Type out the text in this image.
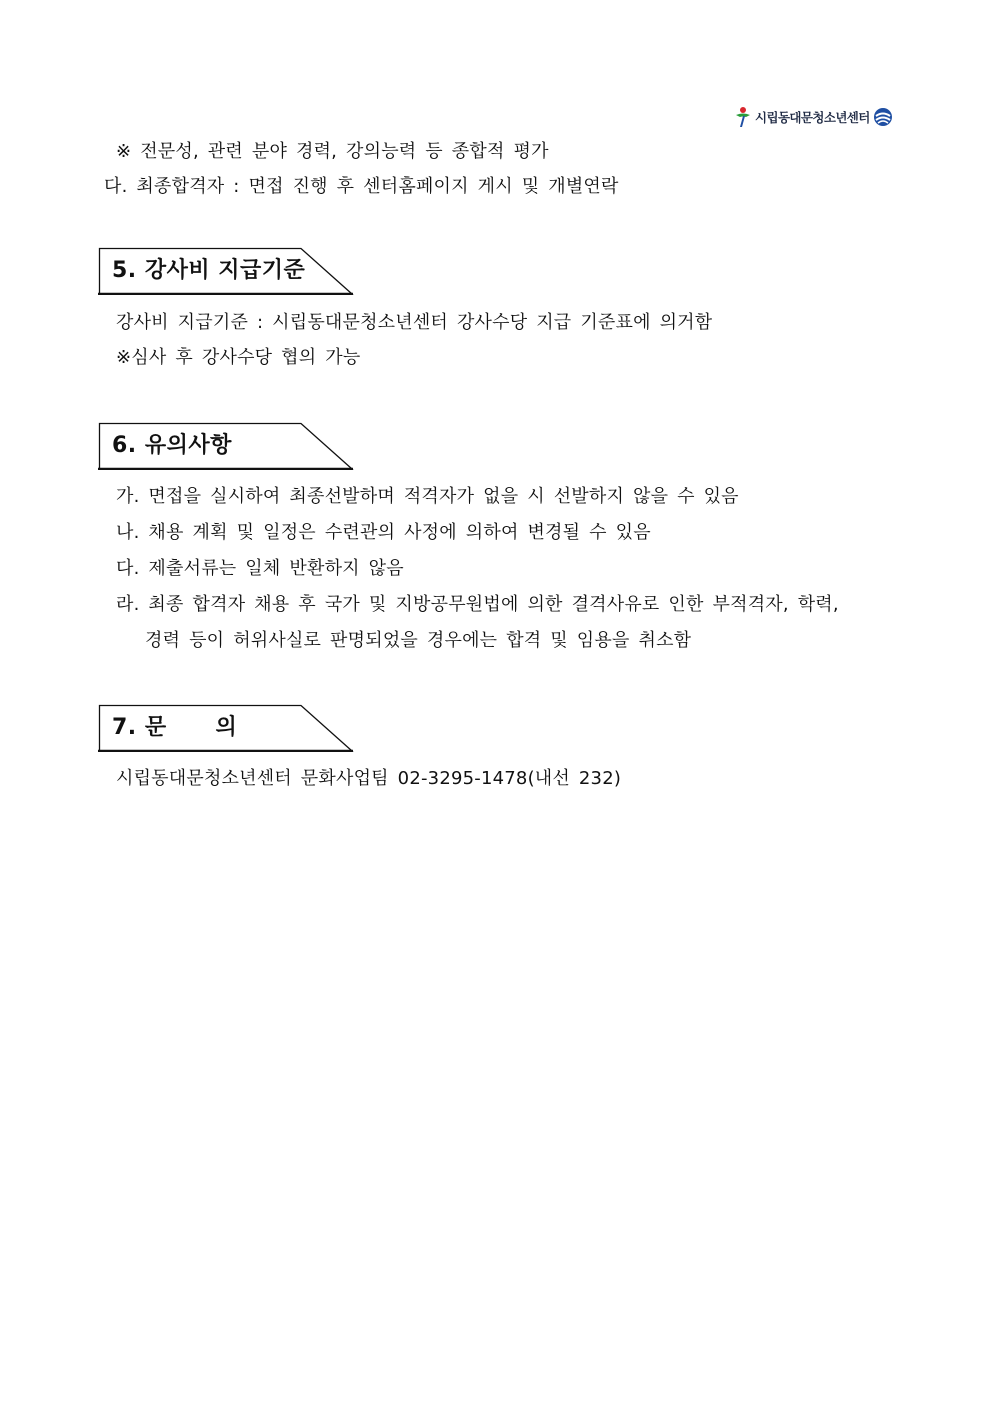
시립동대문청소년센터
※ 전문성, 관련 분야 경력, 강의능력 등 종합적 평가
다. 최종합격자 : 면접 진행 후 센터홈페이지 게시 및 개별연락
5. 강사비 지급기준
강사비 지급기준 : 시립동대문청소년센터 강사수당 지급 기준표에 의거함
※심사 후 강사수당 협의 가능
6. 유의사항
가. 면접을 실시하여 최종선발하며 적격자가 없을 시 선발하지 않을 수 있음
나. 채용 계획 및 일정은 수련관의 사정에 의하여 변경될 수 있음
다. 제출서류는 일체 반환하지 않음
라. 최종 합격자 채용 후 국가 및 지방공무원법에 의한 결격사유로 인한 부적격자, 학력,
경력 등이 허위사실로 판명되었을 경우에는 합격 및 임용을 취소함
7. 문      의
시립동대문청소년센터 문화사업팀 02-3295-1478(내선 232)
